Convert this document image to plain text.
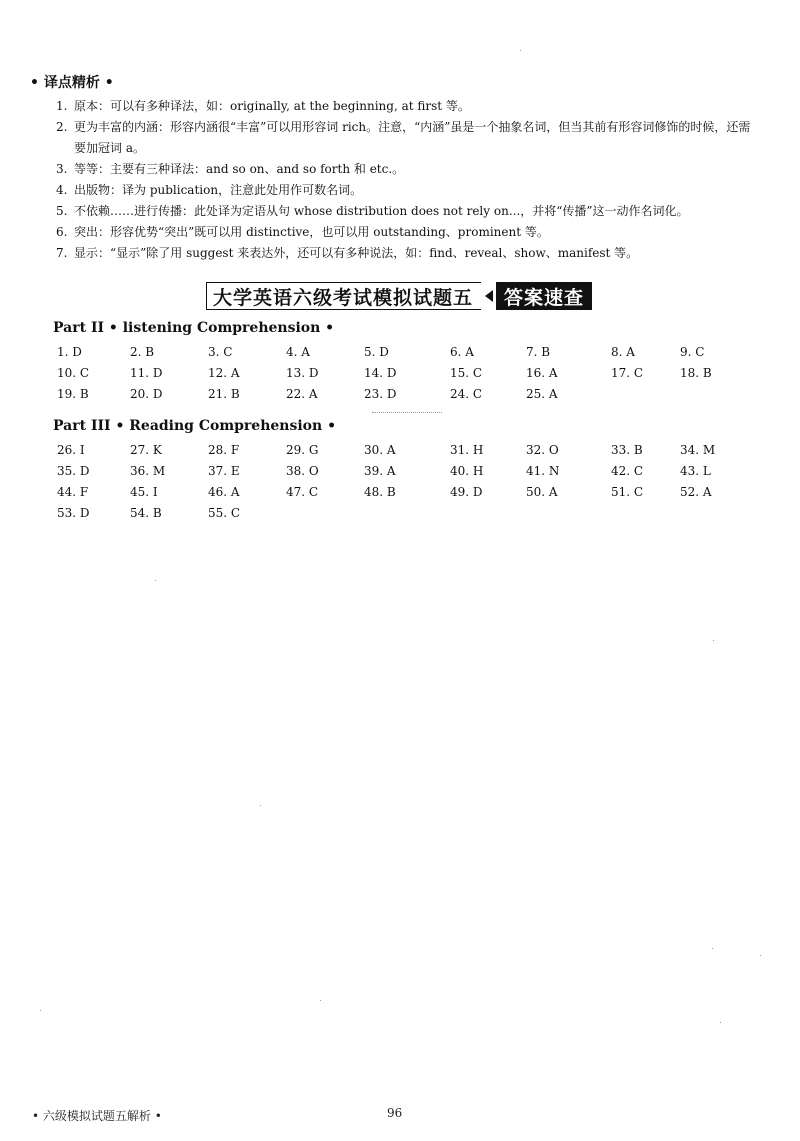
• 译点精析 •
1. 原本：可以有多种译法，如：originally, at the beginning, at first 等。
2. 更为丰富的内涵：形容内涵很“丰富”可以用形容词 rich。注意，“内涵”虽是一个抽象名词，但当其前有形容词修饰的时候，还需要加冠词 a。
3. 等等：主要有三种译法：and so on、and so forth 和 etc.。
4. 出版物：译为 publication，注意此处用作可数名词。
5. 不依赖……进行传播：此处译为定语从句 whose distribution does not rely on...，并将“传播”这一动作名词化。
6. 突出：形容优势“突出”既可以用 distinctive，也可以用 outstanding、prominent 等。
7. 显示：“显示”除了用 suggest 来表达外，还可以有多种说法，如：find、reveal、show、manifest 等。
大学英语六级考试模拟试题五	答案速查
Part II • listening Comprehension •
1. D	2. B	3. C	4. A	5. D	6. A	7. B	8. A	9. C
10. C	11. D	12. A	13. D	14. D	15. C	16. A	17. C	18. B
19. B	20. D	21. B	22. A	23. D	24. C	25. A
Part III • Reading Comprehension •
26. I	27. K	28. F	29. G	30. A	31. H	32. O	33. B	34. M
35. D	36. M	37. E	38. O	39. A	40. H	41. N	42. C	43. L
44. F	45. I	46. A	47. C	48. B	49. D	50. A	51. C	52. A
53. D	54. B	55. C
• 六级模拟试题五解析 •	96
